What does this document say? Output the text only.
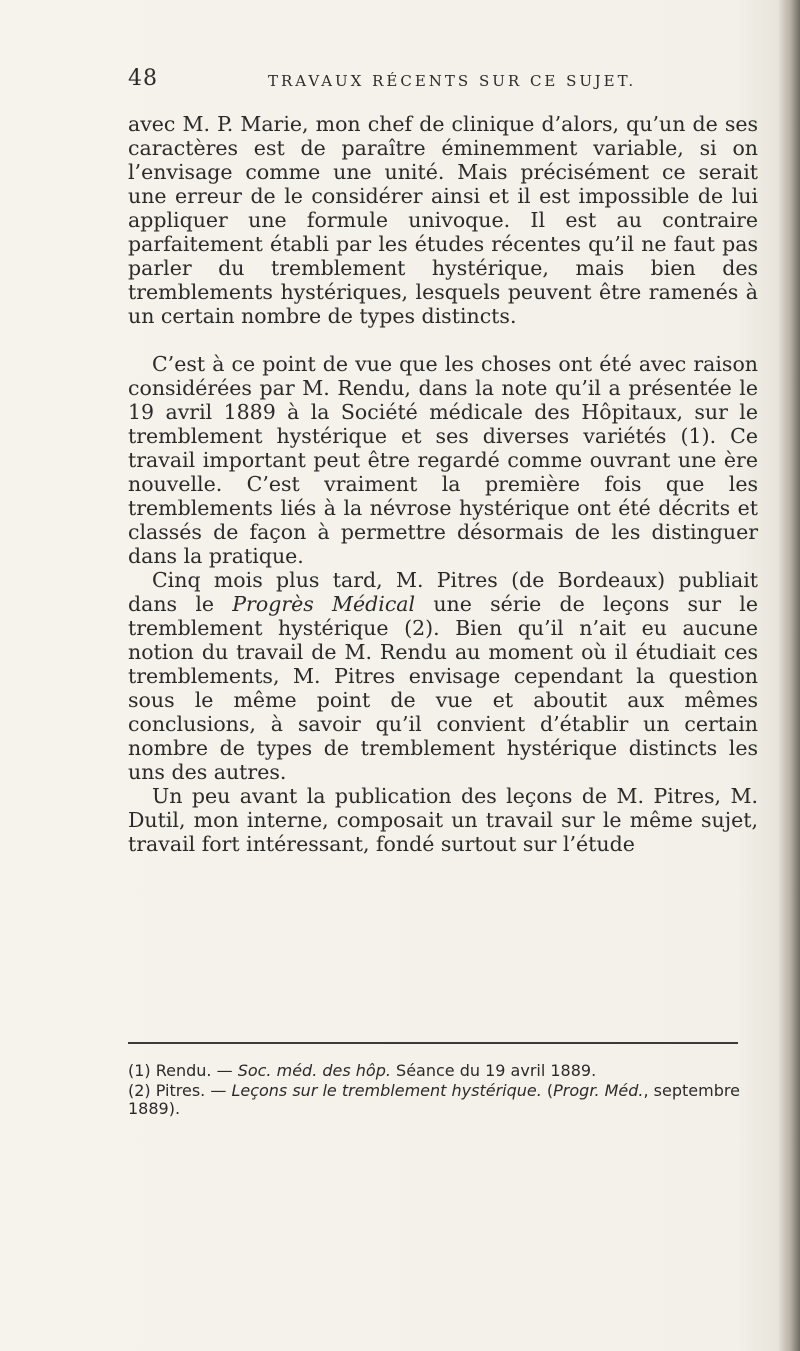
48	TRAVAUX RÉCENTS SUR CE SUJET.

avec M. P. Marie, mon chef de clinique d’alors, qu’un de ses caractères est de paraître éminemment variable, si on l’envisage comme une unité. Mais précisément ce serait une erreur de le considérer ainsi et il est impossible de lui appliquer une formule univoque. Il est au contraire parfaitement établi par les études récentes qu’il ne faut pas parler du tremblement hystérique, mais bien des tremblements hystériques, lesquels peuvent être ramenés à un certain nombre de types distincts.

C’est à ce point de vue que les choses ont été avec raison considérées par M. Rendu, dans la note qu’il a présentée le 19 avril 1889 à la Société médicale des Hôpitaux, sur le tremblement hystérique et ses diverses variétés (1). Ce travail important peut être regardé comme ouvrant une ère nouvelle. C’est vraiment la première fois que les tremblements liés à la névrose hystérique ont été décrits et classés de façon à permettre désormais de les distinguer dans la pratique.

Cinq mois plus tard, M. Pitres (de Bordeaux) publiait dans le Progrès Médical une série de leçons sur le tremblement hystérique (2). Bien qu’il n’ait eu aucune notion du travail de M. Rendu au moment où il étudiait ces tremblements, M. Pitres envisage cependant la question sous le même point de vue et aboutit aux mêmes conclusions, à savoir qu’il convient d’établir un certain nombre de types de tremblement hystérique distincts les uns des autres.

Un peu avant la publication des leçons de M. Pitres, M. Dutil, mon interne, composait un travail sur le même sujet, travail fort intéressant, fondé surtout sur l’étude

(1) Rendu. — Soc. méd. des hôp. Séance du 19 avril 1889.

(2) Pitres. — Leçons sur le tremblement hystérique. (Progr. Méd., septembre 1889).
